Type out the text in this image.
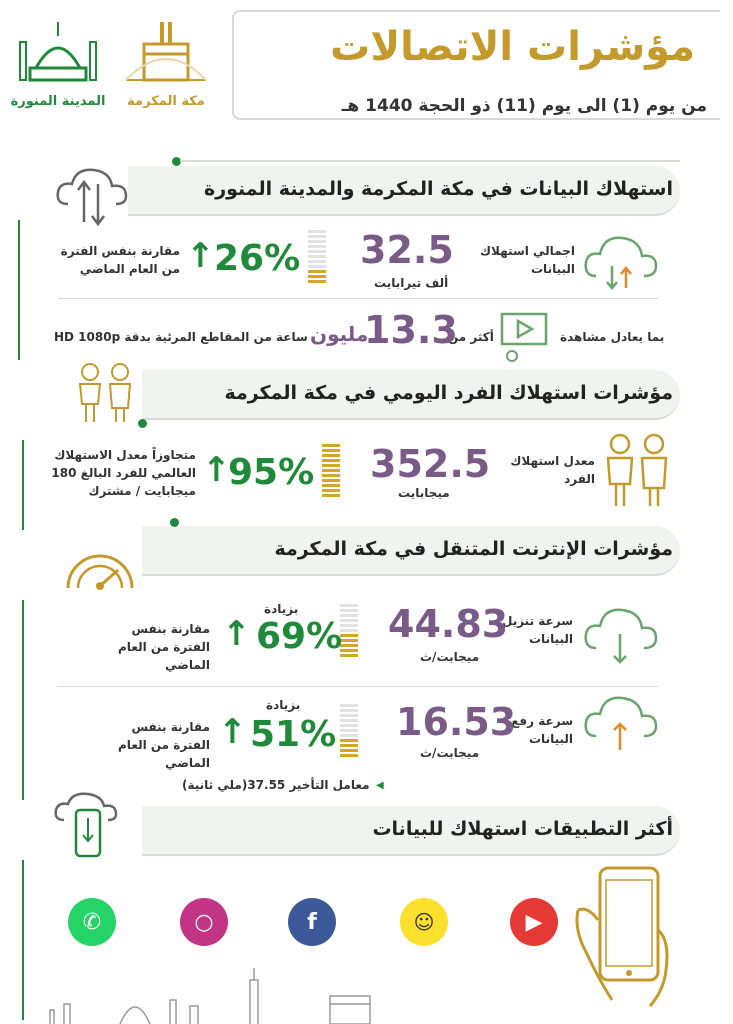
مؤشرات الاتصالات
من يوم (1) الى يوم (11) ذو الحجة 1440 هـ
مكة المكرمة
المدينة المنورة
استهلاك البيانات في مكة المكرمة والمدينة المنورة
اجمالي استهلاك البيانات
32.5
ألف تيرابايت
26%
↑
مقارنة بنفس الفترة من العام الماضي
بما يعادل مشاهدة
أكثر من
13.3
مليون
ساعة من المقاطع المرئية بدقة HD 1080p
مؤشرات استهلاك الفرد اليومي في مكة المكرمة
معدل استهلاك الفرد
352.5
ميجابايت
95%
↑
متجاوزاً معدل الاستهلاك العالمي للفرد البالغ 180 ميجابايت / مشترك
مؤشرات الإنترنت المتنقل في مكة المكرمة
سرعة تنزيل البيانات
44.83
ميجابت/ث
بزيادة
69%
↑
مقارنة بنفس الفترة من العام الماضي
سرعة رفع البيانات
16.53
ميجابت/ث
بزيادة
51%
↑
مقارنة بنفس الفترة من العام الماضي
◀
معامل التأخير 37.55(ملي ثانية)
أكثر التطبيقات استهلاك للبيانات
▶
☺
f
○
✆
